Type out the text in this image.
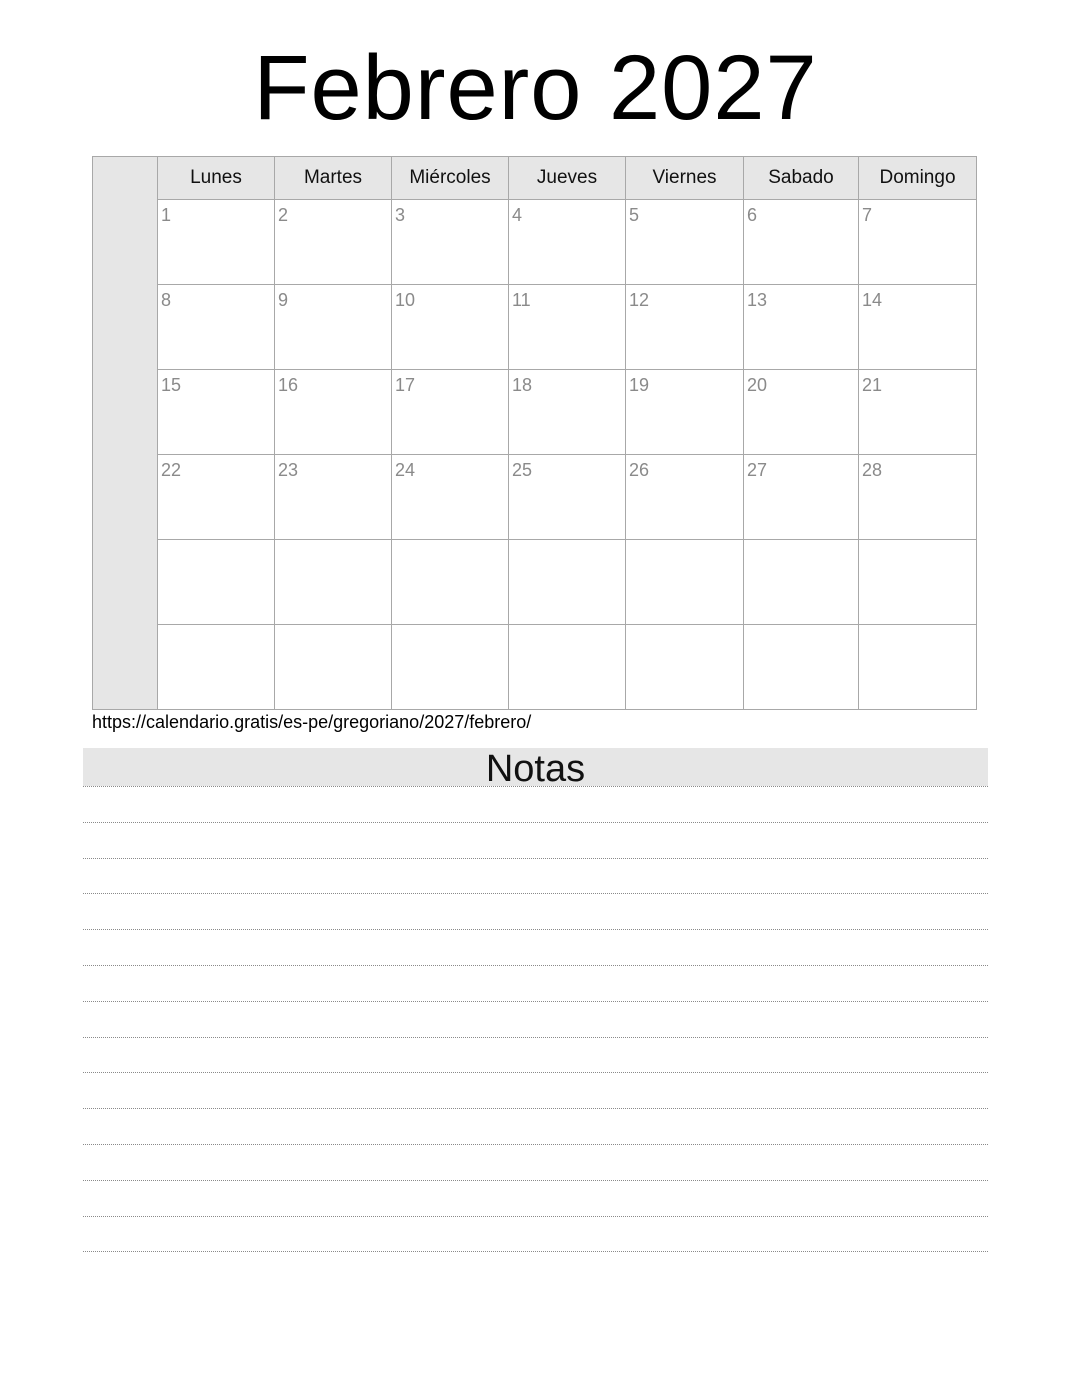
Febrero 2027
Lunes	Martes	Miércoles	Jueves	Viernes	Sabado	Domingo
1	2	3	4	5	6	7
8	9	10	11	12	13	14
15	16	17	18	19	20	21
22	23	24	25	26	27	28
https://calendario.gratis/es-pe/gregoriano/2027/febrero/
Notas
